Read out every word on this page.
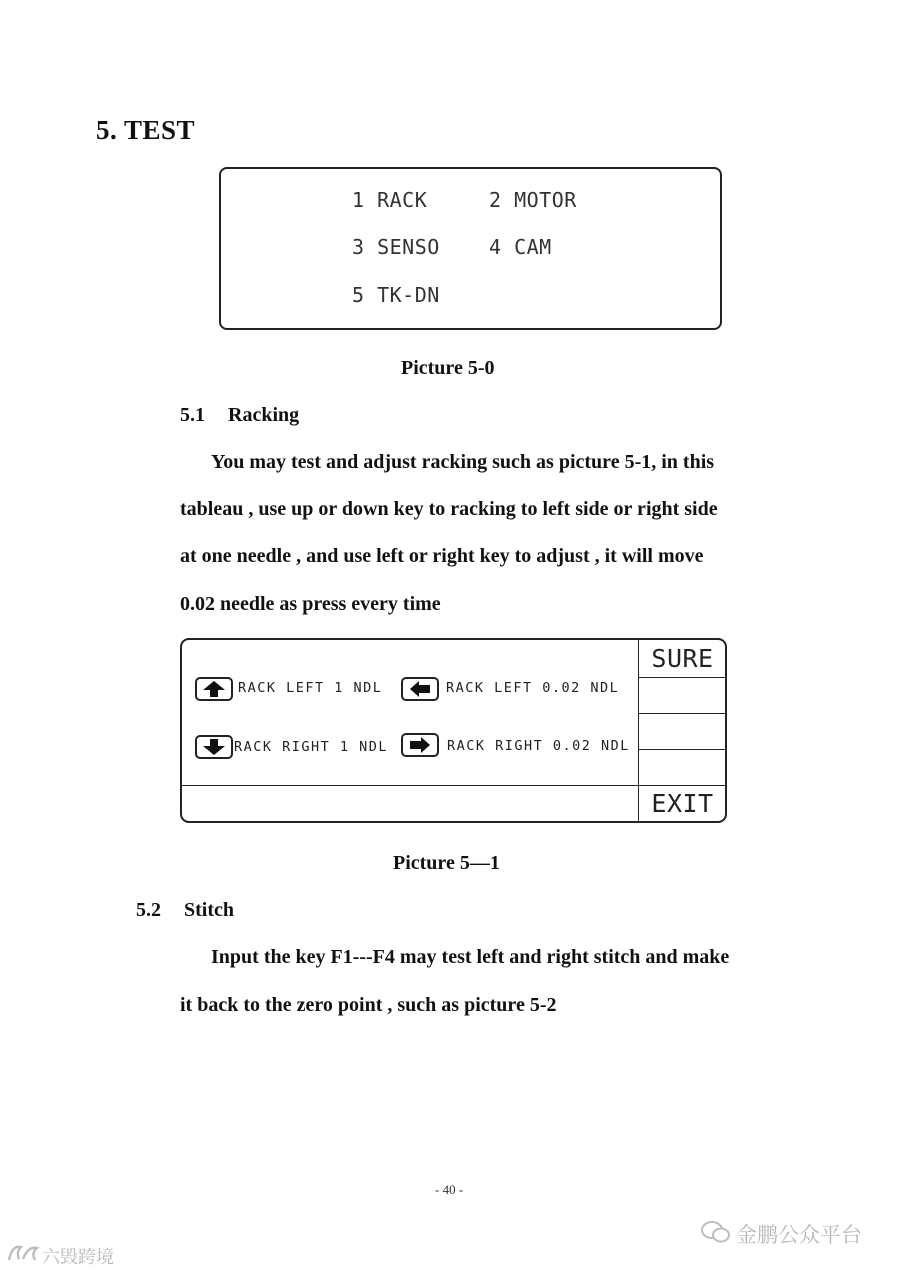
5. TEST
1 RACK	2 MOTOR
3 SENSO 4 CAM
5 TK-DN
Picture 5-0
5.1 Racking
You may test and adjust racking such as picture 5-1, in this
tableau , use up or down key to racking to left side or right side
at one needle , and use left or right key to adjust , it will move
0.02 needle as press every time
SURE
EXIT
RACK LEFT 1 NDL	RACK LEFT 0.02 NDL
RACK RIGHT 1 NDL	RACK RIGHT 0.02 NDL
Picture 5—1
5.2 Stitch
Input the key F1---F4 may test left and right stitch and make
it back to the zero point , such as picture 5-2
- 40 -
金鹏公众平台
六毁跨境
